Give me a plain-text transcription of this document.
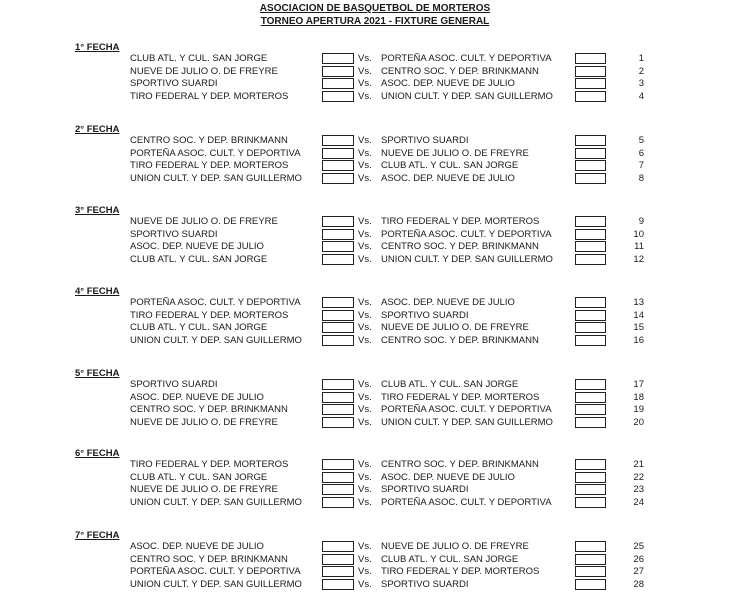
ASOCIACION DE BASQUETBOL DE MORTEROS
TORNEO APERTURA 2021 - FIXTURE GENERAL
1° FECHA
CLUB ATL. Y CUL. SAN JORGE	Vs. PORTEÑA ASOC. CULT. Y DEPORTIVA	1
NUEVE DE JULIO O. DE FREYRE	Vs. CENTRO SOC. Y DEP. BRINKMANN	2
SPORTIVO SUARDI	Vs. ASOC. DEP. NUEVE DE JULIO	3
TIRO FEDERAL Y DEP. MORTEROS	Vs. UNION CULT. Y DEP. SAN GUILLERMO	4
2° FECHA
CENTRO SOC. Y DEP. BRINKMANN	Vs. SPORTIVO SUARDI	5
PORTEÑA ASOC. CULT. Y DEPORTIVA	Vs. NUEVE DE JULIO O. DE FREYRE	6
TIRO FEDERAL Y DEP. MORTEROS	Vs. CLUB ATL. Y CUL. SAN JORGE	7
UNION CULT. Y DEP. SAN GUILLERMO	Vs. ASOC. DEP. NUEVE DE JULIO	8
3° FECHA
NUEVE DE JULIO O. DE FREYRE	Vs. TIRO FEDERAL Y DEP. MORTEROS	9
SPORTIVO SUARDI	Vs. PORTEÑA ASOC. CULT. Y DEPORTIVA	10
ASOC. DEP. NUEVE DE JULIO	Vs. CENTRO SOC. Y DEP. BRINKMANN	11
CLUB ATL. Y CUL. SAN JORGE	Vs. UNION CULT. Y DEP. SAN GUILLERMO	12
4° FECHA
PORTEÑA ASOC. CULT. Y DEPORTIVA	Vs. ASOC. DEP. NUEVE DE JULIO	13
TIRO FEDERAL Y DEP. MORTEROS	Vs. SPORTIVO SUARDI	14
CLUB ATL. Y CUL. SAN JORGE	Vs. NUEVE DE JULIO O. DE FREYRE	15
UNION CULT. Y DEP. SAN GUILLERMO	Vs. CENTRO SOC. Y DEP. BRINKMANN	16
5° FECHA
SPORTIVO SUARDI	Vs. CLUB ATL. Y CUL. SAN JORGE	17
ASOC. DEP. NUEVE DE JULIO	Vs. TIRO FEDERAL Y DEP. MORTEROS	18
CENTRO SOC. Y DEP. BRINKMANN	Vs. PORTEÑA ASOC. CULT. Y DEPORTIVA	19
NUEVE DE JULIO O. DE FREYRE	Vs. UNION CULT. Y DEP. SAN GUILLERMO	20
6° FECHA
TIRO FEDERAL Y DEP. MORTEROS	Vs. CENTRO SOC. Y DEP. BRINKMANN	21
CLUB ATL. Y CUL. SAN JORGE	Vs. ASOC. DEP. NUEVE DE JULIO	22
NUEVE DE JULIO O. DE FREYRE	Vs. SPORTIVO SUARDI	23
UNION CULT. Y DEP. SAN GUILLERMO	Vs. PORTEÑA ASOC. CULT. Y DEPORTIVA	24
7° FECHA
ASOC. DEP. NUEVE DE JULIO	Vs. NUEVE DE JULIO O. DE FREYRE	25
CENTRO SOC. Y DEP. BRINKMANN	Vs. CLUB ATL. Y CUL. SAN JORGE	26
PORTEÑA ASOC. CULT. Y DEPORTIVA	Vs. TIRO FEDERAL Y DEP. MORTEROS	27
UNION CULT. Y DEP. SAN GUILLERMO	Vs. SPORTIVO SUARDI	28
